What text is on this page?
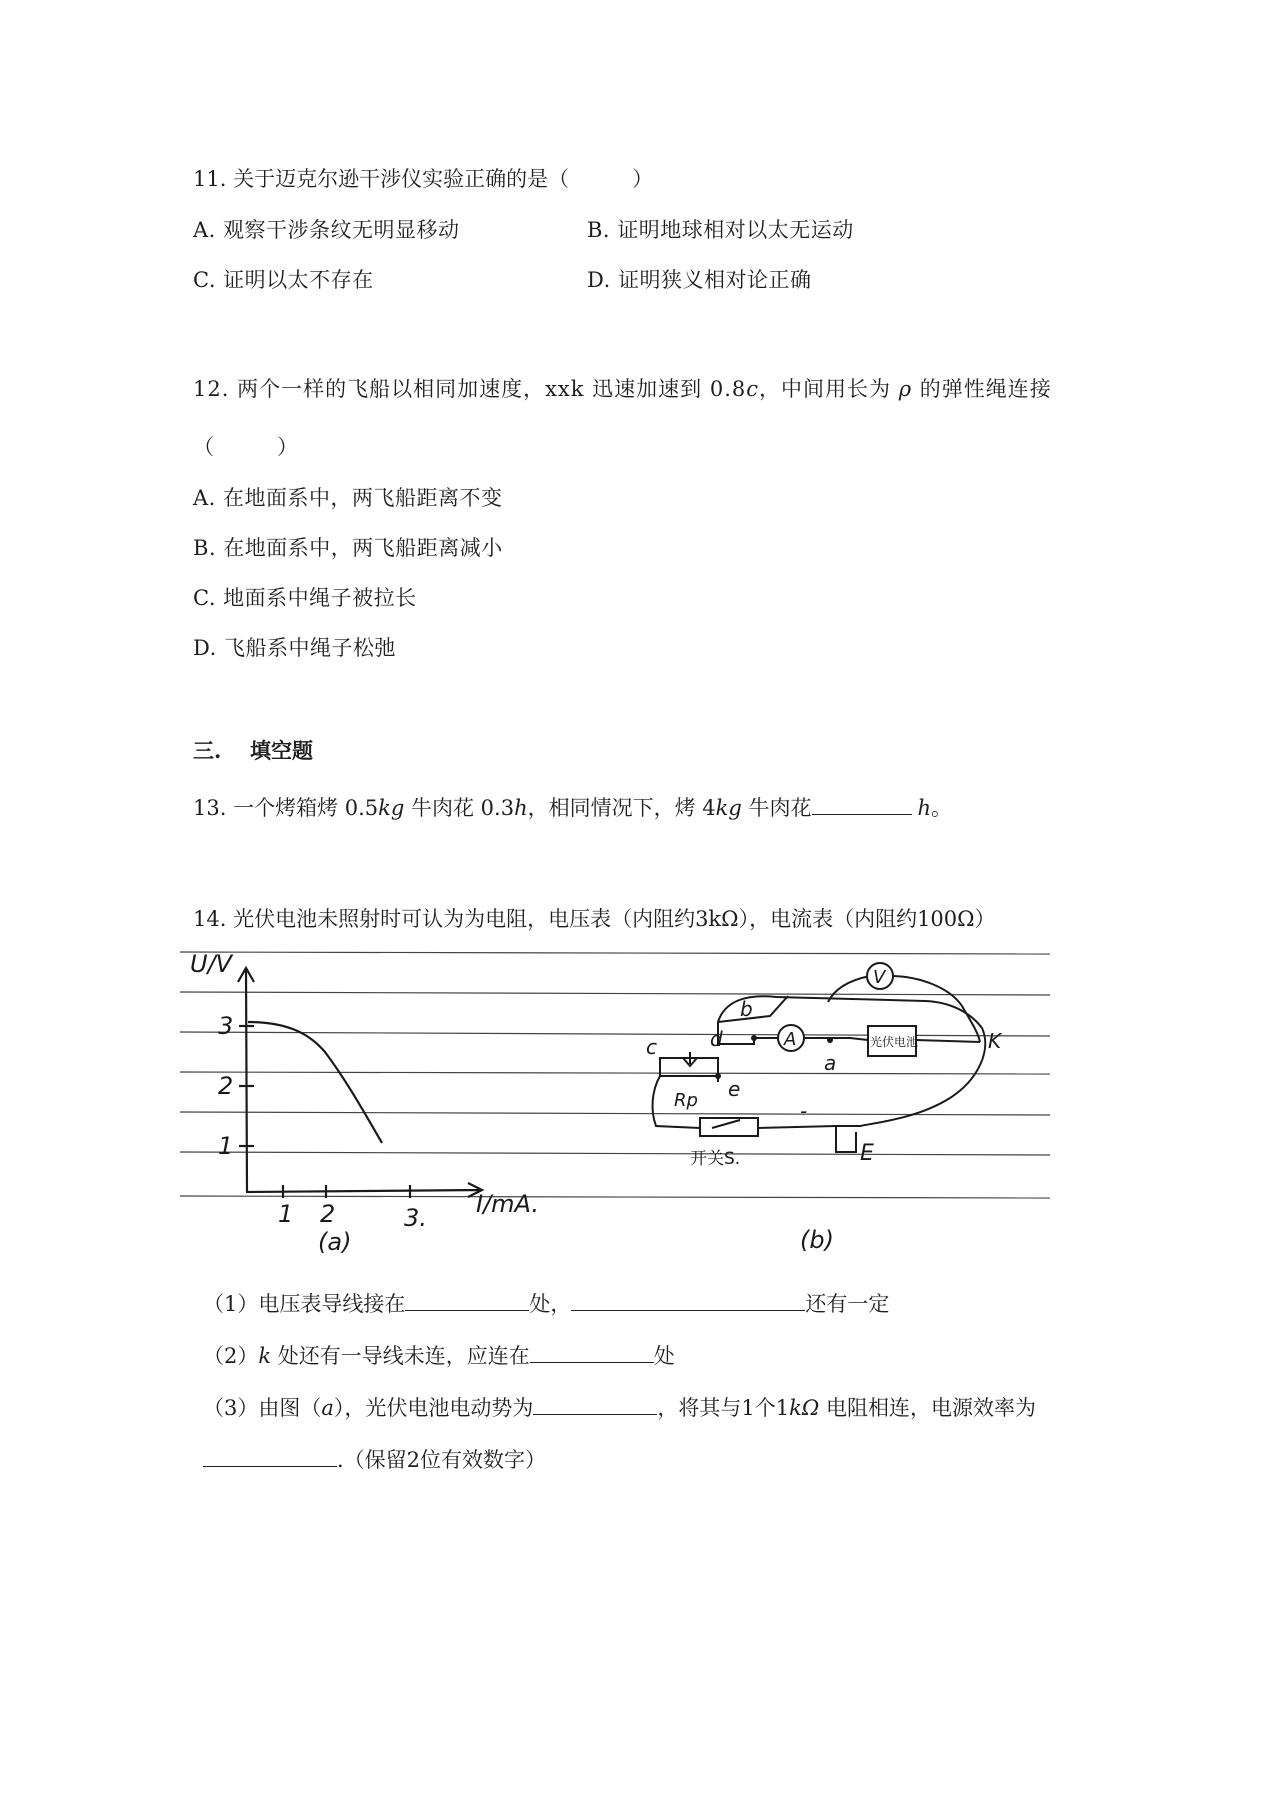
11. 关于迈克尔逊干涉仪实验正确的是（　　　）
A. 观察干涉条纹无明显移动	B. 证明地球相对以太无运动
C. 证明以太不存在	D. 证明狭义相对论正确
12. 两个一样的飞船以相同加速度，xxk 迅速加速到 0.8c，中间用长为 ρ 的弹性绳连接
（　　　）
A. 在地面系中，两飞船距离不变
B. 在地面系中，两飞船距离减小
C. 地面系中绳子被拉长
D. 飞船系中绳子松弛
三. 填空题
13. 一个烤箱烤 0.5kg 牛肉花 0.3h，相同情况下，烤 4kg 牛肉花	h。
14. 光伏电池未照射时可认为为电阻，电压表（内阻约3kΩ），电流表（内阻约100Ω）
U/V
3
2
1
1 2	3. I/mA.
(a)
V
A	光伏电池
b
c	d
e
a
K
E
Rp
开关S.
-
(b)
（1）电压表导线接在	处，	还有一定
（2）k 处还有一导线未连，应连在	处
（3）由图（a），光伏电池电动势为	，将其与1个1kΩ 电阻相连，电源效率为
.（保留2位有效数字）
